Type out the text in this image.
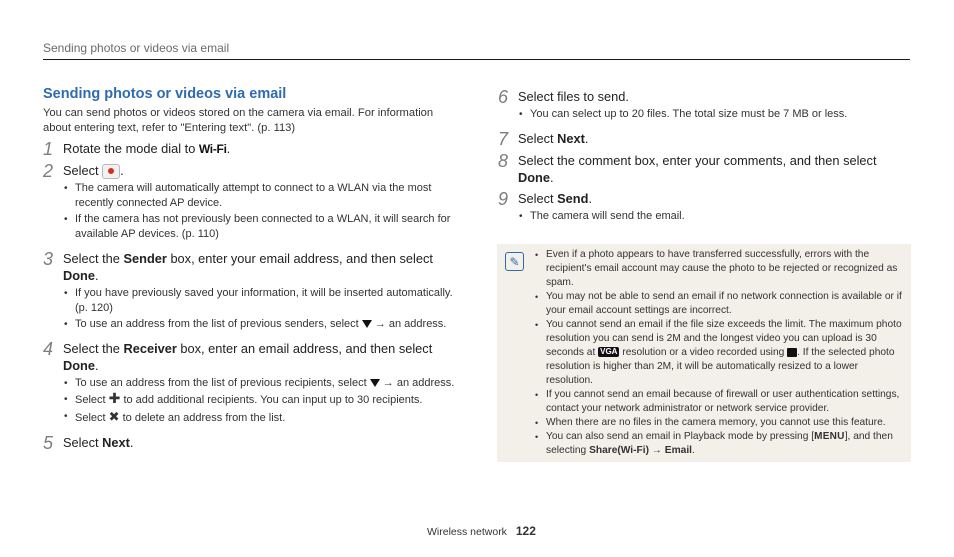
Sending photos or videos via email
Sending photos or videos via email
You can send photos or videos stored on the camera via email. For information about entering text, refer to "Entering text". (p. 113)
1 Rotate the mode dial to Wi-Fi.
2 Select .
• The camera will automatically attempt to connect to a WLAN via the most recently connected AP device.
• If the camera has not previously been connected to a WLAN, it will search for available AP devices. (p. 110)
3 Select the Sender box, enter your email address, and then select Done.
• If you have previously saved your information, it will be inserted automatically. (p. 120)
• To use an address from the list of previous senders, select → an address.
4 Select the Receiver box, enter an email address, and then select Done.
• To use an address from the list of previous recipients, select → an address.
• Select ✚ to add additional recipients. You can input up to 30 recipients.
• Select ✖ to delete an address from the list.
5 Select Next.
6 Select files to send.
• You can select up to 20 files. The total size must be 7 MB or less.
7 Select Next.
8 Select the comment box, enter your comments, and then select Done.
9 Select Send.
• The camera will send the email.
✎
•	Even if a photo appears to have transferred successfully, errors with the recipient's email account may cause the photo to be rejected or recognized as spam.
• You may not be able to send an email if no network connection is available or if your email account settings are incorrect.
• You cannot send an email if the file size exceeds the limit. The maximum photo resolution you can send is 2M and the longest video you can upload is 30 seconds at VGA resolution or a video recorded using . If the selected photo resolution is higher than 2M, it will be automatically resized to a lower resolution.
• If you cannot send an email because of firewall or user authentication settings, contact your network administrator or network service provider.
• When there are no files in the camera memory, you cannot use this feature.
• You can also send an email in Playback mode by pressing [MENU], and then selecting Share(Wi-Fi) → Email.
Wireless network 122
